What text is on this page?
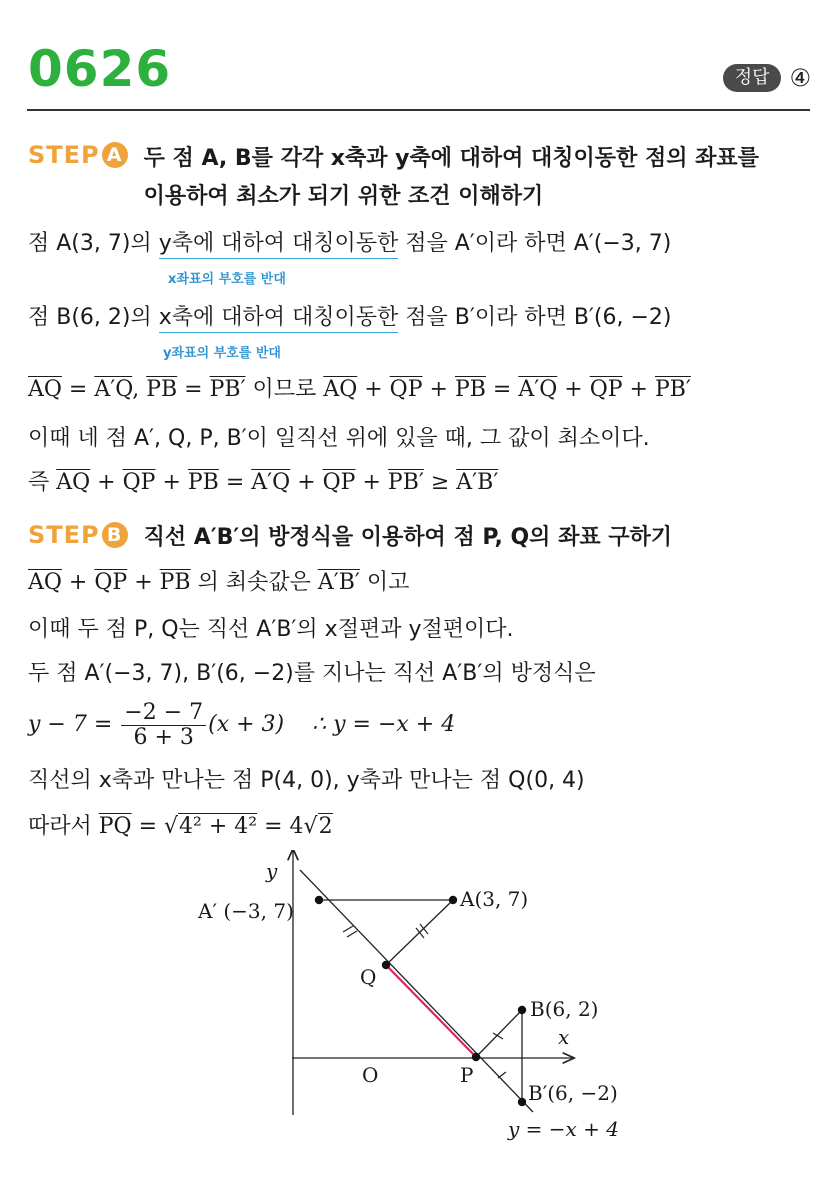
0626	정답 ④
STEP A 두 점 A, B를 각각 x축과 y축에 대하여 대칭이동한 점의 좌표를
이용하여 최소가 되기 위한 조건 이해하기
점 A(3, 7)의 y축에 대하여 대칭이동한 점을 A′이라 하면 A′(−3, 7)
x좌표의 부호를 반대
점 B(6, 2)의 x축에 대하여 대칭이동한 점을 B′이라 하면 B′(6, −2)
y좌표의 부호를 반대
$\overline{AQ} = A'Q$, $\overline{PB} = PB'$ 이므로 $\overline{AQ} + \overline{QP} + \overline{PB} = A'Q + \overline{QP} + PB'$
이때 네 점 A′, Q, P, B′이 일직선 위에 있을 때, 그 값이 최소이다.
즉 $\overline{AQ} + \overline{QP} + \overline{PB} = A'Q + \overline{QP} + PB' \ge A'B'$
STEP B 직선 A′B′의 방정식을 이용하여 점 P, Q의 좌표 구하기
$\overline{AQ} + \overline{QP} + \overline{PB}$ 의 최솟값은 A′B′ 이고
이때 두 점 P, Q는 직선 A′B′의 x절편과 y절편이다.
두 점 A′(−3, 7), B′(6, −2)를 지나는 직선 A′B′의 방정식은
$y - 7 = \frac{-2 - 7}{6 + 3} (x + 3)$ ∴ y = −x + 4
직선의 x축과 만나는 점 P(4, 0), y축과 만나는 점 Q(0, 4)
따라서 $\overline{PQ} = √4^2 + 4^2 = 4√2$
y
x
O
A′ (−3, 7)	A(3, 7)
Q
B(6, 2)
P
B′(6, −2)
y = −x + 4
